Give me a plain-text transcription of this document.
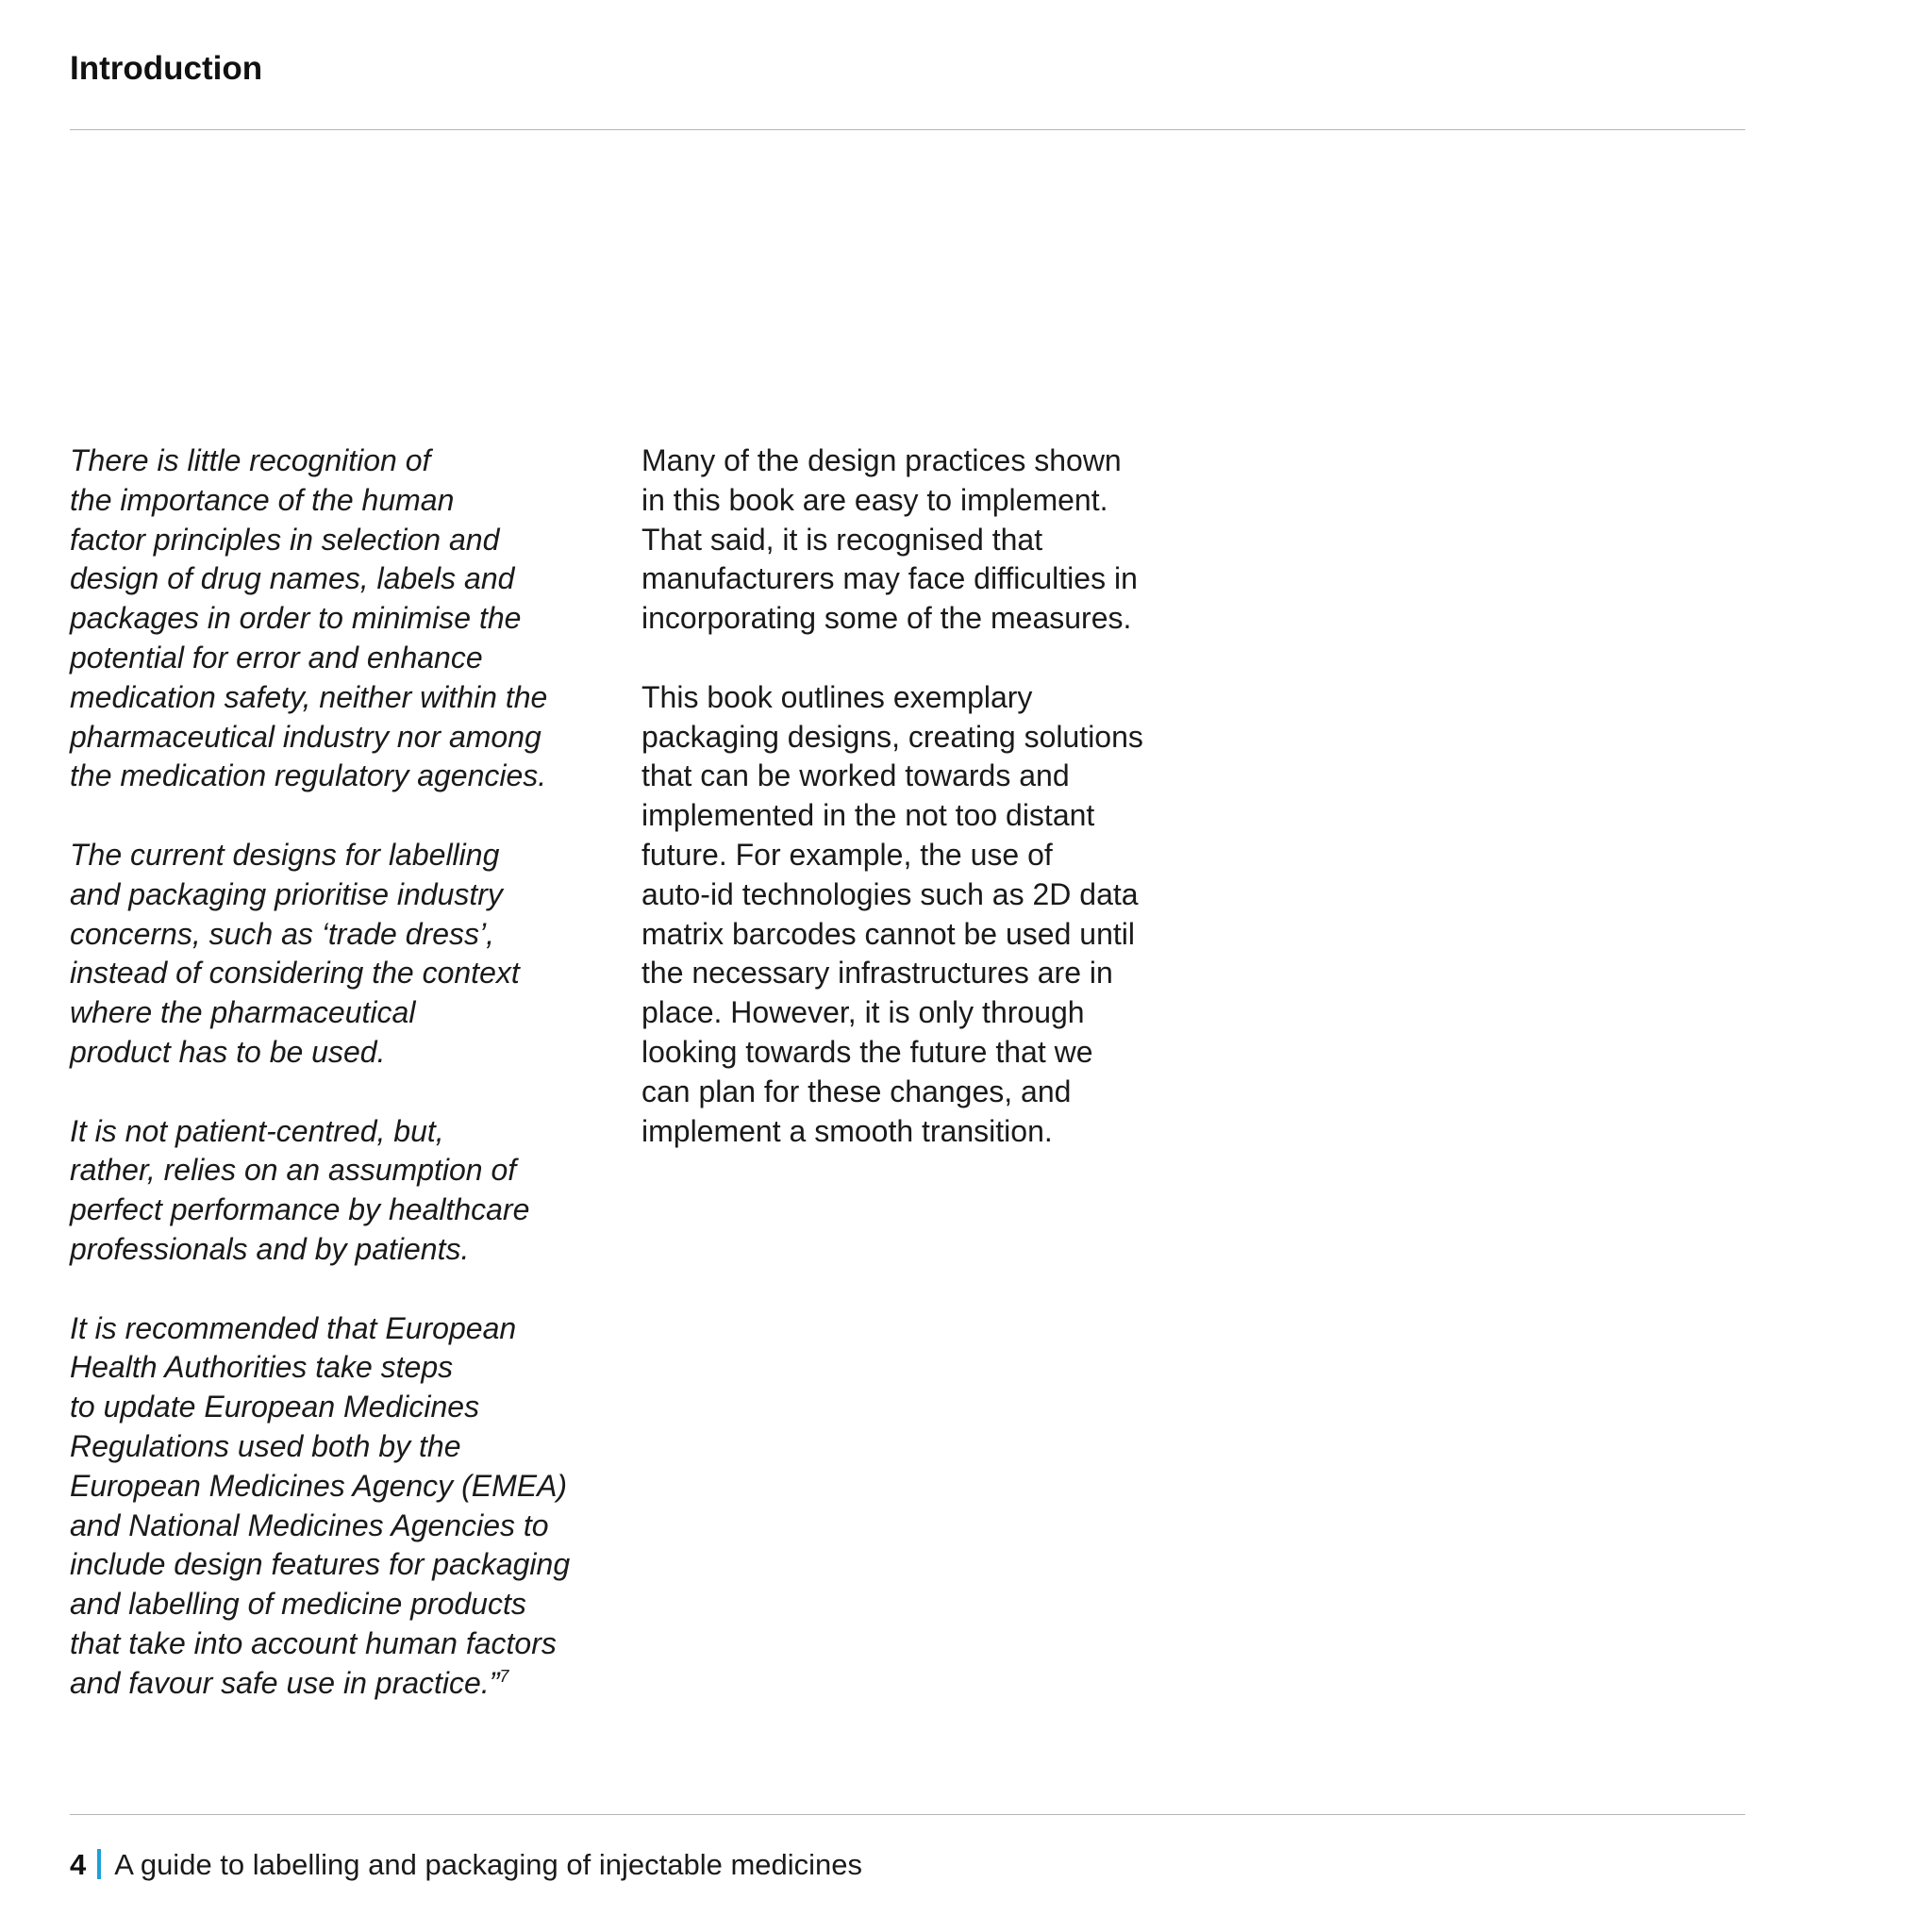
Introduction

There is little recognition of
the importance of the human
factor principles in selection and
design of drug names, labels and
packages in order to minimise the
potential for error and enhance
medication safety, neither within the
pharmaceutical industry nor among
the medication regulatory agencies.

The current designs for labelling
and packaging prioritise industry
concerns, such as ‘trade dress’,
instead of considering the context
where the pharmaceutical
product has to be used.

It is not patient-centred, but,
rather, relies on an assumption of
perfect performance by healthcare
professionals and by patients.

It is recommended that European
Health Authorities take steps
to update European Medicines
Regulations used both by the
European Medicines Agency (EMEA)
and National Medicines Agencies to
include design features for packaging
and labelling of medicine products
that take into account human factors
and favour safe use in practice.”$^7$

Many of the design practices shown
in this book are easy to implement.
That said, it is recognised that
manufacturers may face difficulties in
incorporating some of the measures.

This book outlines exemplary
packaging designs, creating solutions
that can be worked towards and
implemented in the not too distant
future. For example, the use of
auto-id technologies such as 2D data
matrix barcodes cannot be used until
the necessary infrastructures are in
place. However, it is only through
looking towards the future that we
can plan for these changes, and
implement a smooth transition.

4 A guide to labelling and packaging of injectable medicines
